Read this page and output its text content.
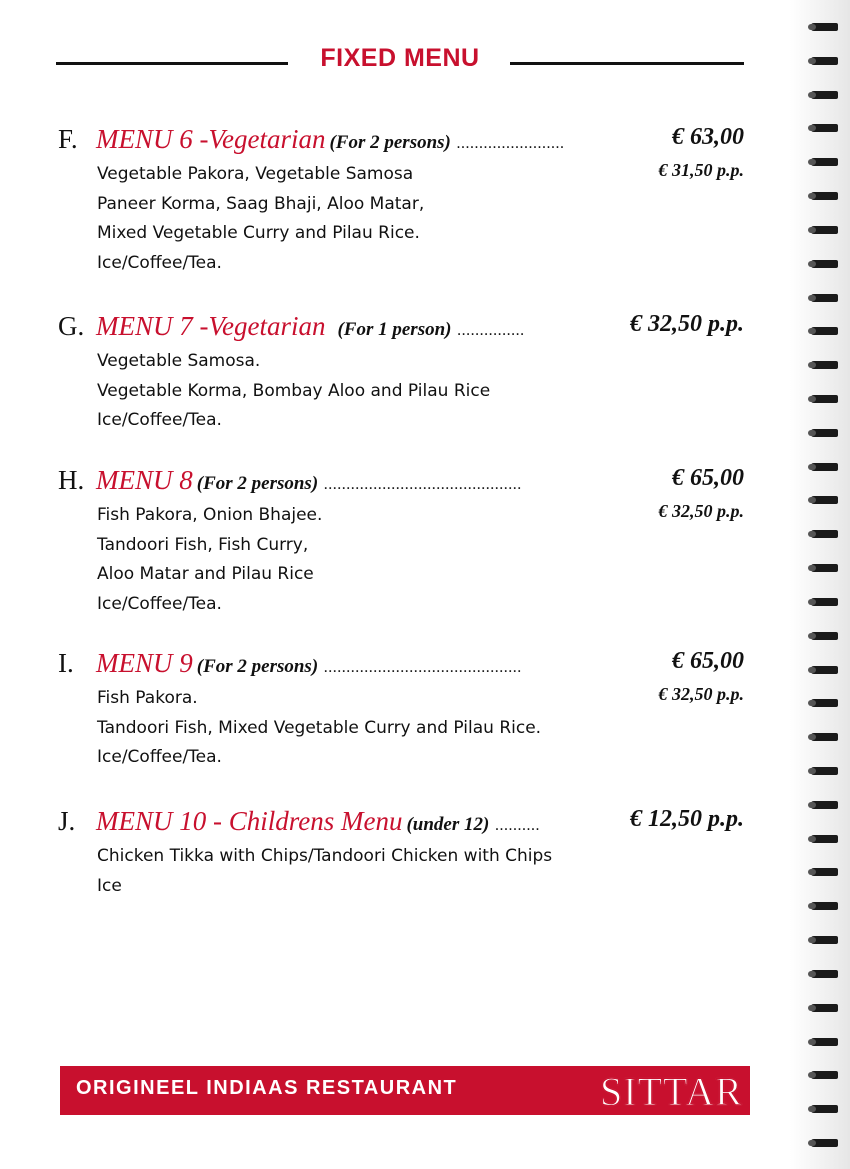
FIXED MENU
F. MENU 6 -Vegetarian (For 2 persons) ........................	€ 63,00
€ 31,50 p.p.
Vegetable Pakora, Vegetable Samosa
Paneer Korma, Saag Bhaji, Aloo Matar,
Mixed Vegetable Curry and Pilau Rice.
Ice/Coffee/Tea.
G. MENU 7 -Vegetarian (For 1 person) ...............	€ 32,50 p.p.
Vegetable Samosa.
Vegetable Korma, Bombay Aloo and Pilau Rice
Ice/Coffee/Tea.
H. MENU 8 (For 2 persons) ............................................	€ 65,00
€ 32,50 p.p.
Fish Pakora, Onion Bhajee.
Tandoori Fish, Fish Curry,
Aloo Matar and Pilau Rice
Ice/Coffee/Tea.
I. MENU 9 (For 2 persons) ............................................	€ 65,00
€ 32,50 p.p.
Fish Pakora.
Tandoori Fish, Mixed Vegetable Curry and Pilau Rice.
Ice/Coffee/Tea.
J. MENU 10 - Childrens Menu (under 12) ..........	€ 12,50 p.p.
Chicken Tikka with Chips/Tandoori Chicken with Chips
Ice
ORIGINEEL INDIAAS RESTAURANT	SITTAR
